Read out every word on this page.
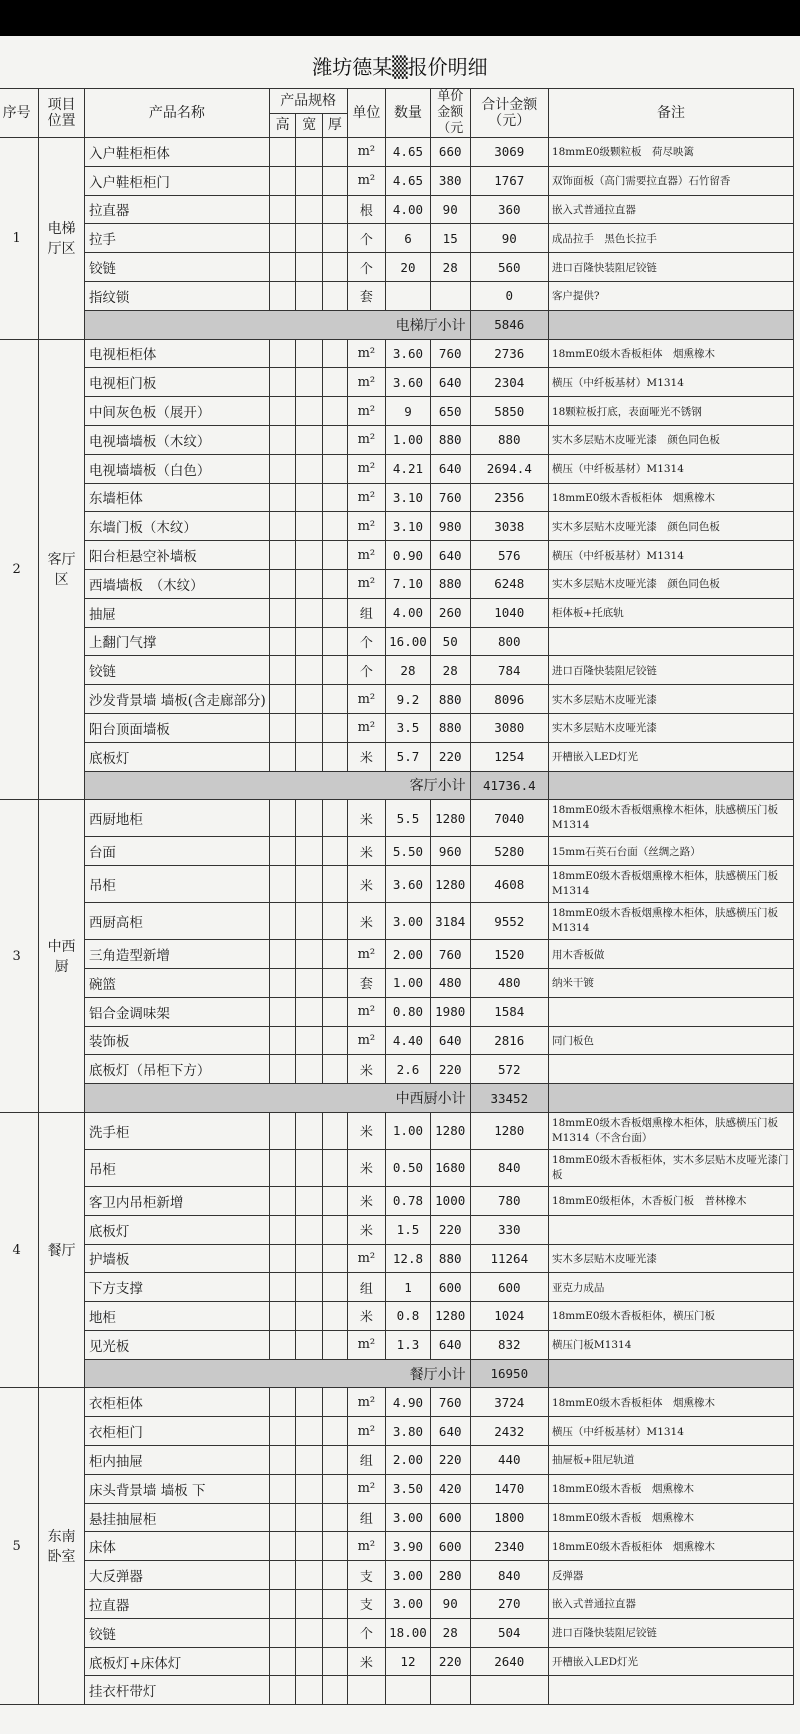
潍坊德某▒报价明细
序号	项目位置	产品名称	产品规格			单位	数量	单价金额（元	合计金额（元）	备注
			高	宽	厚					
1	电梯厅区	入户鞋柜柜体				m²	4.65	660	3069	18mmE0级颗粒板　荷尽映篱
		入户鞋柜柜门				m²	4.65	380	1767	双饰面板（高门需要拉直器）石竹留香
		拉直器				根	4.00	90	360	嵌入式普通拉直器
		拉手				个	6	15	90	成品拉手　黑色长拉手
		铰链				个	20	28	560	进口百隆快装阻尼铰链
		指纹锁				套			0	客户提供?
		电梯厅小计							5846	
2	客厅区	电视柜柜体				m²	3.60	760	2736	18mmE0级木香板柜体　烟熏橡木
		电视柜门板				m²	3.60	640	2304	横压（中纤板基材）M1314
		中间灰色板（展开）				m²	9	650	5850	18颗粒板打底，表面哑光不锈钢
		电视墙墙板（木纹）				m²	1.00	880	880	实木多层贴木皮哑光漆　颜色同色板
		电视墙墙板（白色）				m²	4.21	640	2694.4	横压（中纤板基材）M1314
		东墙柜体				m²	3.10	760	2356	18mmE0级木香板柜体　烟熏橡木
		东墙门板（木纹）				m²	3.10	980	3038	实木多层贴木皮哑光漆　颜色同色板
		阳台柜悬空补墙板				m²	0.90	640	576	横压（中纤板基材）M1314
		西墙墙板　（木纹）				m²	7.10	880	6248	实木多层贴木皮哑光漆　颜色同色板
		抽屉				组	4.00	260	1040	柜体板+托底轨
		上翻门气撑				个	16.00	50	800	
		铰链				个	28	28	784	进口百隆快装阻尼铰链
		沙发背景墙 墙板(含走廊部分)				m²	9.2	880	8096	实木多层贴木皮哑光漆
		阳台顶面墙板				m²	3.5	880	3080	实木多层贴木皮哑光漆
		底板灯				米	5.7	220	1254	开槽嵌入LED灯光
		客厅小计							41736.4	
3	中西厨	西厨地柜				米	5.5	1280	7040	18mmE0级木香板烟熏橡木柜体，肤感横压门板M1314
		台面				米	5.50	960	5280	15mm石英石台面（丝绸之路）
		吊柜				米	3.60	1280	4608	18mmE0级木香板烟熏橡木柜体，肤感横压门板M1314
		西厨高柜				米	3.00	3184	9552	18mmE0级木香板烟熏橡木柜体，肤感横压门板M1314
		三角造型新增				m²	2.00	760	1520	用木香板做
		碗篮				套	1.00	480	480	纳米干镀
		铝合金调味架				m²	0.80	1980	1584	
		装饰板				m²	4.40	640	2816	同门板色
		底板灯（吊柜下方）				米	2.6	220	572	
		中西厨小计							33452	
4	餐厅	洗手柜				米	1.00	1280	1280	18mmE0级木香板烟熏橡木柜体，肤感横压门板M1314（不含台面）
		吊柜				米	0.50	1680	840	18mmE0级木香板柜体，实木多层贴木皮哑光漆门板
		客卫内吊柜新增				米	0.78	1000	780	18mmE0级柜体，木香板门板　普林橡木
		底板灯				米	1.5	220	330	
		护墙板				m²	12.8	880	11264	实木多层贴木皮哑光漆
		下方支撑				组	1	600	600	亚克力成品
		地柜				米	0.8	1280	1024	18mmE0级木香板柜体，横压门板
		见光板				m²	1.3	640	832	横压门板M1314
		餐厅小计							16950	
5	东南卧室	衣柜柜体				m²	4.90	760	3724	18mmE0级木香板柜体　烟熏橡木
		衣柜柜门				m²	3.80	640	2432	横压（中纤板基材）M1314
		柜内抽屉				组	2.00	220	440	抽屉板+阻尼轨道
		床头背景墙 墙板 下				m²	3.50	420	1470	18mmE0级木香板　烟熏橡木
		悬挂抽屉柜				组	3.00	600	1800	18mmE0级木香板　烟熏橡木
		床体				m²	3.90	600	2340	18mmE0级木香板柜体　烟熏橡木
		大反弹器				支	3.00	280	840	反弹器
		拉直器				支	3.00	90	270	嵌入式普通拉直器
		铰链				个	18.00	28	504	进口百隆快装阻尼铰链
		底板灯+床体灯				米	12	220	2640	开槽嵌入LED灯光
		挂衣杆带灯								
